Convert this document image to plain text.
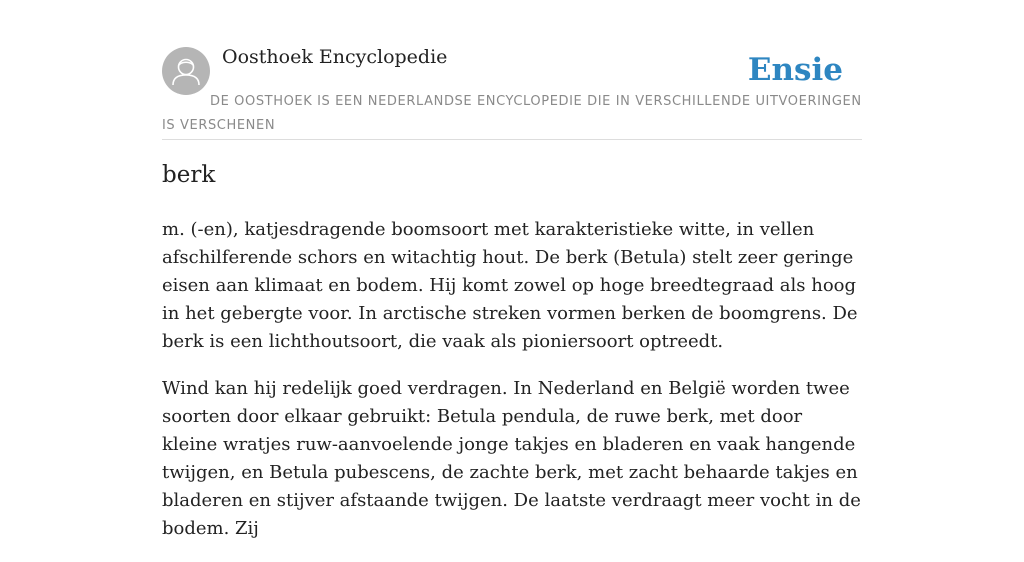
Oosthoek Encyclopedie	Ensie
DE OOSTHOEK IS EEN NEDERLANDSE ENCYCLOPEDIE DIE IN VERSCHILLENDE UITVOERINGEN IS VERSCHENEN
berk

m. (-en), katjesdragende boomsoort met karakteristieke witte, in vellen afschilferende schors en witachtig hout. De berk (Betula) stelt zeer geringe eisen aan klimaat en bodem. Hij komt zowel op hoge breedtegraad als hoog in het gebergte voor. In arctische streken vormen berken de boomgrens. De berk is een lichthoutsoort, die vaak als pioniersoort optreedt.

Wind kan hij redelijk goed verdragen. In Nederland en België worden twee soorten door elkaar gebruikt: Betula pendula, de ruwe berk, met door kleine wratjes ruw-aanvoelende jonge takjes en bladeren en vaak hangende twijgen, en Betula pubescens, de zachte berk, met zacht behaarde takjes en bladeren en stijver afstaande twijgen. De laatste verdraagt meer vocht in de bodem. Zij
